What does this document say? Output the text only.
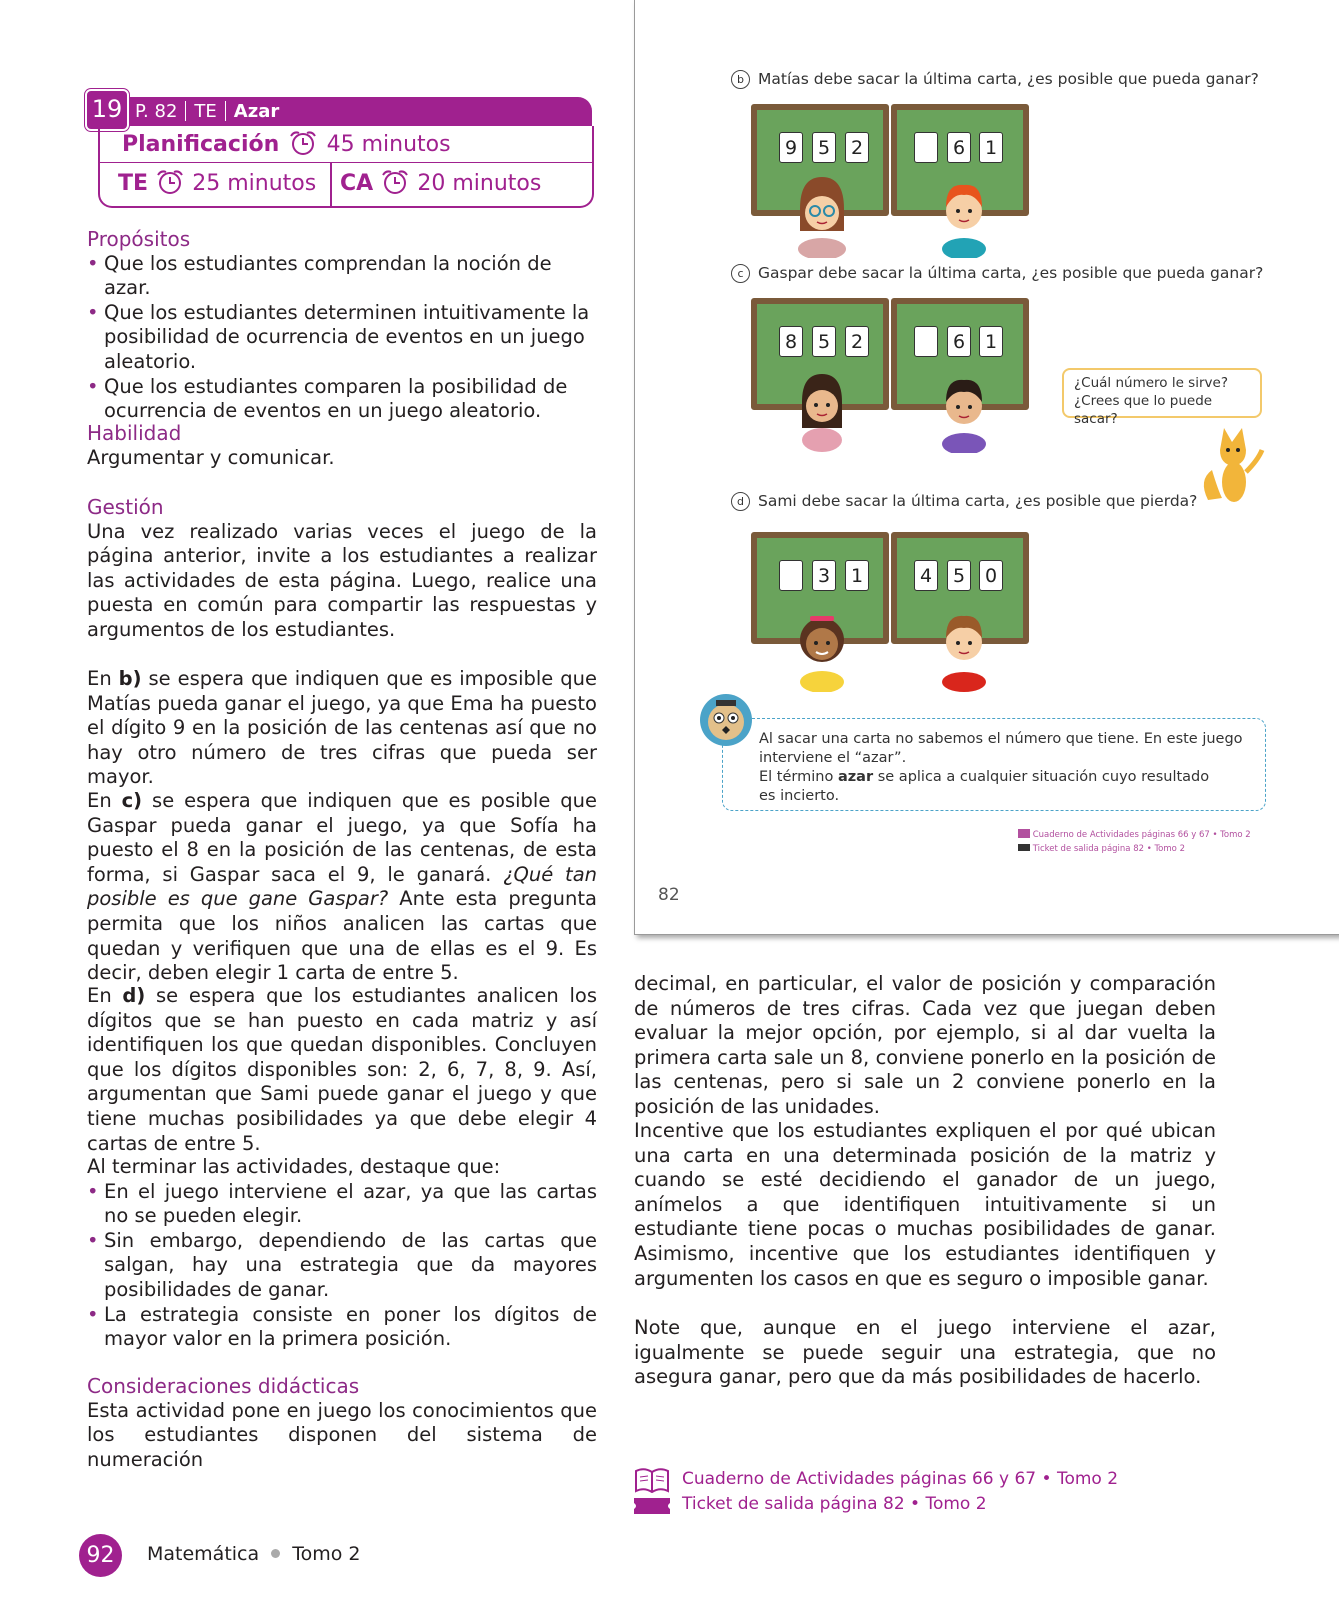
P. 82 TE Azar
19
Planificación 45 minutos
TE 25 minutos CA 20 minutos
Propósitos
• Que los estudiantes comprendan la noción de azar.
• Que los estudiantes determinen intuitivamente la posibilidad de ocurrencia de eventos en un juego aleatorio.
• Que los estudiantes comparen la posibilidad de ocurrencia de eventos en un juego aleatorio.
Habilidad
Argumentar y comunicar.
Gestión
Una vez realizado varias veces el juego de la página anterior, invite a los estudiantes a realizar las actividades de esta página. Luego, realice una puesta en común para compartir las respuestas y argumentos de los estudiantes.
En b) se espera que indiquen que es imposible que Matías pueda ganar el juego, ya que Ema ha puesto el dígito 9 en la posición de las centenas así que no hay otro número de tres cifras que pueda ser mayor.
En c) se espera que indiquen que es posible que Gaspar pueda ganar el juego, ya que Sofía ha puesto el 8 en la posición de las centenas, de esta forma, si Gaspar saca el 9, le ganará. ¿Qué tan posible es que gane Gaspar? Ante esta pregunta permita que los niños analicen las cartas que quedan y verifiquen que una de ellas es el 9. Es decir, deben elegir 1 carta de entre 5.
En d) se espera que los estudiantes analicen los dígitos que se han puesto en cada matriz y así identifiquen los que quedan disponibles. Concluyen que los dígitos disponibles son: 2, 6, 7, 8, 9. Así, argumentan que Sami puede ganar el juego y que tiene muchas posibilidades ya que debe elegir 4 cartas de entre 5.
Al terminar las actividades, destaque que:
• En el juego interviene el azar, ya que las cartas no se pueden elegir.
• Sin embargo, dependiendo de las cartas que salgan, hay una estrategia que da mayores posibilidades de ganar.
• La estrategia consiste en poner los dígitos de mayor valor en la primera posición.
Consideraciones didácticas
Esta actividad pone en juego los conocimientos que los estudiantes disponen del sistema de numeración
b Matías debe sacar la última carta, ¿es posible que pueda ganar?
9	5	2	6	1
c Gaspar debe sacar la última carta, ¿es posible que pueda ganar?
8	5	2	6	1
¿Cuál número le sirve?
¿Crees que lo puede sacar?
d Sami debe sacar la última carta, ¿es posible que pierda?
3	1	4	5	0
Al sacar una carta no sabemos el número que tiene. En este juego
interviene el “azar”.
El término azar se aplica a cualquier situación cuyo resultado
es incierto.
Cuaderno de Actividades páginas 66 y 67 • Tomo 2
Ticket de salida página 82 • Tomo 2
82
decimal, en particular, el valor de posición y comparación de números de tres cifras. Cada vez que juegan deben evaluar la mejor opción, por ejemplo, si al dar vuelta la primera carta sale un 8, conviene ponerlo en la posición de las centenas, pero si sale un 2 conviene ponerlo en la posición de las unidades.
Incentive que los estudiantes expliquen el por qué ubican una carta en una determinada posición de la matriz y cuando se esté decidiendo el ganador de un juego, anímelos a que identifiquen intuitivamente si un estudiante tiene pocas o muchas posibilidades de ganar. Asimismo, incentive que los estudiantes identifiquen y argumenten los casos en que es seguro o imposible ganar.
Note que, aunque en el juego interviene el azar, igualmente se puede seguir una estrategia, que no asegura ganar, pero que da más posibilidades de hacerlo.
Cuaderno de Actividades páginas 66 y 67 • Tomo 2
Ticket de salida página 82 • Tomo 2
92	Matemática Tomo 2
